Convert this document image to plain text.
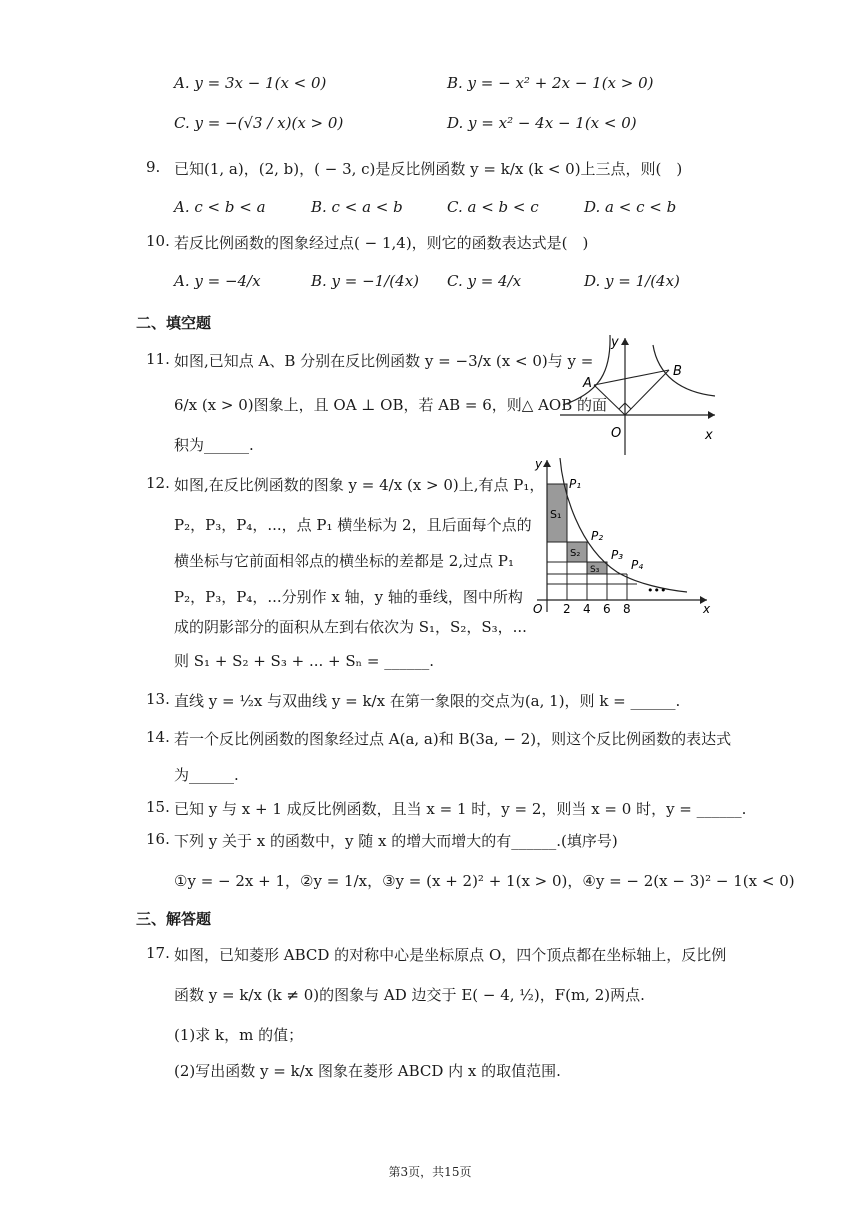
A. y = 3x − 1(x < 0)	B. y = − x² + 2x − 1(x > 0)
C. y = −(√3 / x)(x > 0)	D. y = x² − 4x − 1(x < 0)
9. 已知(1, a)，(2, b)，( − 3, c)是反比例函数 y = k/x (k < 0)上三点，则(　)
A. c < b < a	B. c < a < b	C. a < b < c	D. a < c < b
10. 若反比例函数的图象经过点( − 1,4)，则它的函数表达式是(　)
A. y = −4/x	B. y = −1/(4x) C. y = 4/x	D. y = 1/(4x)
二、填空题
11. 如图,已知点 A、B 分别在反比例函数 y = −3/x (x < 0)与 y =
6/x (x > 0)图象上，且 OA ⊥ OB，若 AB = 6，则△ AOB 的面
积为______.
A
B
O	x
y
12. 如图,在反比例函数的图象 y = 4/x (x > 0)上,有点 P₁，
P₂，P₃，P₄，...，点 P₁ 横坐标为 2，且后面每个点的
横坐标与它前面相邻点的横坐标的差都是 2,过点 P₁
P₂，P₃，P₄，...分别作 x 轴，y 轴的垂线，图中所构
成的阴影部分的面积从左到右依次为 S₁，S₂，S₃，...
则 S₁ + S₂ + S₃ + ... + Sₙ = ______.
P₁
P₂
P₃
P₄
S₁
S₂
S₃
O 2 4 6 8
•••
x
y
13. 直线 y = ½x 与双曲线 y = k/x 在第一象限的交点为(a, 1)，则 k = ______.
14. 若一个反比例函数的图象经过点 A(a, a)和 B(3a, − 2)，则这个反比例函数的表达式
为______.
15. 已知 y 与 x + 1 成反比例函数，且当 x = 1 时，y = 2，则当 x = 0 时，y = ______.
16. 下列 y 关于 x 的函数中，y 随 x 的增大而增大的有______.(填序号)
①y = − 2x + 1，②y = 1/x，③y = (x + 2)² + 1(x > 0)，④y = − 2(x − 3)² − 1(x < 0)
三、解答题
17. 如图，已知菱形 ABCD 的对称中心是坐标原点 O，四个顶点都在坐标轴上，反比例
函数 y = k/x (k ≠ 0)的图象与 AD 边交于 E( − 4, ½)，F(m, 2)两点.
(1)求 k，m 的值；
(2)写出函数 y = k/x 图象在菱形 ABCD 内 x 的取值范围.
第3页，共15页
